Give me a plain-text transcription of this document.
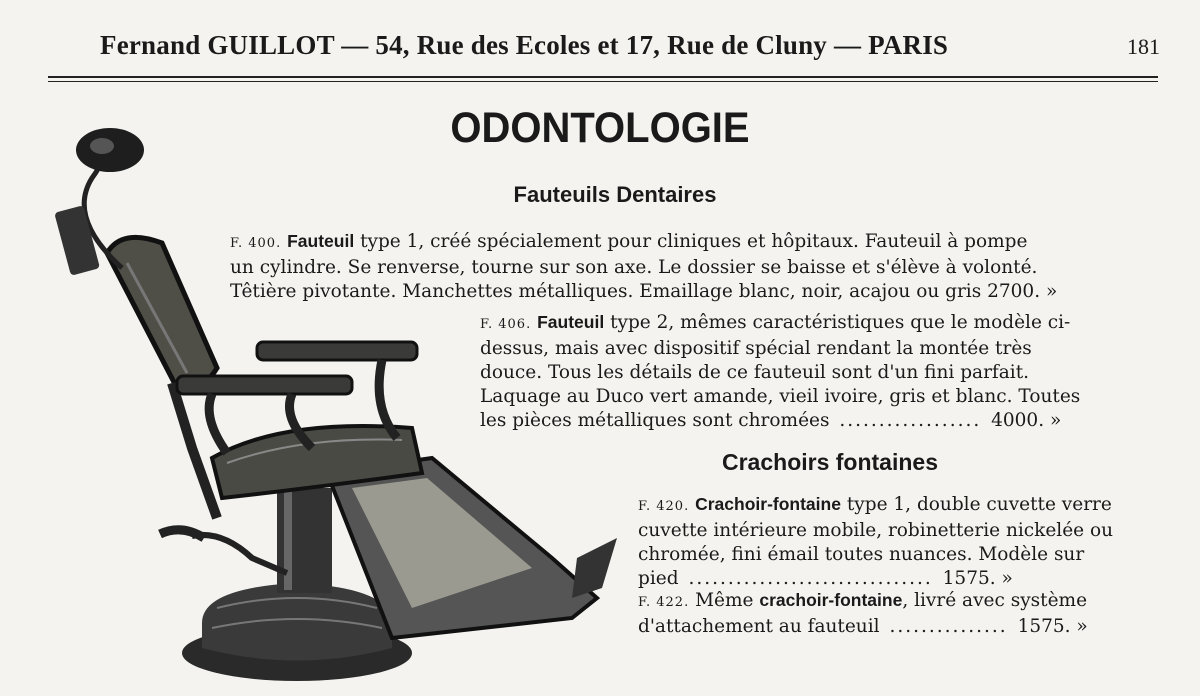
Fernand GUILLOT — 54, Rue des Ecoles et 17, Rue de Cluny — PARIS	181
ODONTOLOGIE
Fauteuils Dentaires
F. 400. Fauteuil type 1, créé spécialement pour cliniques et hôpitaux. Fauteuil à pompe
un cylindre. Se renverse, tourne sur son axe. Le dossier se baisse et s'élève à volonté.
Têtière pivotante. Manchettes métalliques. Emaillage blanc, noir, acajou ou gris 2700. »
F. 406. Fauteuil type 2, mêmes caractéristiques que le modèle ci-
dessus, mais avec dispositif spécial rendant la montée très
douce. Tous les détails de ce fauteuil sont d'un fini parfait.
Laquage au Duco vert amande, vieil ivoire, gris et blanc. Toutes
les pièces métalliques sont chromées .................. 4000. »
Crachoirs fontaines
F. 420. Crachoir-fontaine type 1, double cuvette verre
cuvette intérieure mobile, robinetterie nickelée ou
chromée, fini émail toutes nuances. Modèle sur
pied ............................... 1575. »
F. 422. Même crachoir-fontaine, livré avec système
d'attachement au fauteuil ............... 1575. »
